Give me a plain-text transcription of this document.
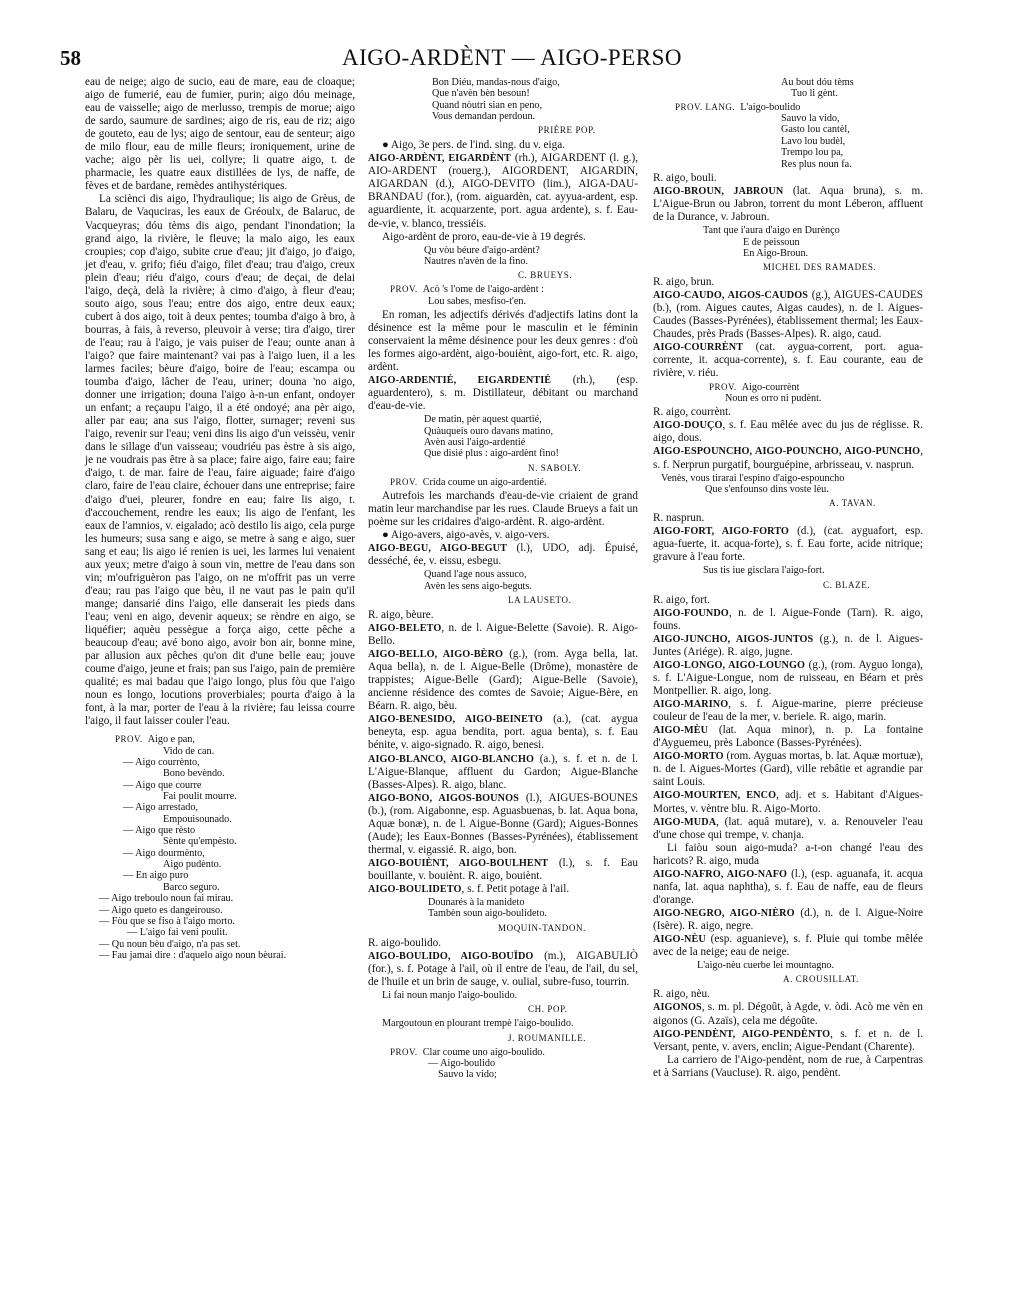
58	AIGO-ARDÈNT — AIGO-PERSO

eau de neige; aigo de sucio, eau de mare, eau de cloaque; aigo de fumerié, eau de fumier, purin; aigo dóu meinage, eau de vaisselle; aigo de merlusso, trempis de morue; aigo de sardo, saumure de sardines; aigo de ris, eau de riz; aigo de gouteto, eau de lys; aigo de sentour, eau de senteur; aigo de milo flour, eau de mille fleurs; ironiquement, urine de vache; aigo pèr lis uei, collyre; li quatre aigo, t. de pharmacie, les quatre eaux distillées de lys, de naffe, de fèves et de bardane, remèdes antihystériques.

La sciènci dis aigo, l'hydraulique; lis aigo de Grèus, de Balaru, de Vaquciras, les eaux de Gréoulx, de Balaruc, de Vacqueyras; dóu tèms dis aigo, pendant l'inondation; la grand aigo, la rivière, le fleuve; la malo aigo, les eaux croupies; cop d'aigo, subite crue d'eau; jit d'aigo, jo d'aigo, jet d'eau, v. grifo; fiéu d'aigo, filet d'eau; trau d'aigo, creux plein d'eau; riéu d'aigo, cours d'eau; de deçai, de delai l'aigo, deçà, delà la rivière; à cimo d'aigo, à fleur d'eau; souto aigo, sous l'eau; entre dos aigo, entre deux eaux; cubert à dos aigo, toit à deux pentes; toumba d'aigo à bro, à bourras, à fais, à reverso, pleuvoir à verse; tira d'aigo, tirer de l'eau; rau à l'aigo, je vais puiser de l'eau; ounte anan à l'aigo? que faire maintenant? vai pas à l'aigo luen, il a les larmes faciles; bèure d'aigo, boire de l'eau; escampa ou toumba d'aigo, lâcher de l'eau, uriner; douna 'no aigo, donner une irrigation; douna l'aigo à-n-un enfant, ondoyer un enfant; a reçaupu l'aigo, il a été ondoyé; ana pèr aigo, aller par eau; ana sus l'aigo, flotter, surnager; reveni sus l'aigo, revenir sur l'eau; veni dins lis aigo d'un veissèu, venir dans le sillage d'un vaisseau; voudriéu pas èstre à sis aigo, je ne voudrais pas être à sa place; faire aigo, faire eau; faire d'aigo, t. de mar. faire de l'eau, faire aiguade; faire d'aigo claro, faire de l'eau claire, échouer dans une entreprise; faire d'aigo d'uei, pleurer, fondre en eau; faire lis aigo, t. d'accouchement, rendre les eaux; lis aigo de l'enfant, les eaux de l'amnios, v. eigalado; acò destilo lis aigo, cela purge les humeurs; susa sang e aigo, se metre à sang e aigo, suer sang et eau; lis aigo ié renien is uei, les larmes lui venaient aux yeux; metre d'aigo à soun vin, mettre de l'eau dans son vin; m'oufriguèron pas l'aigo, on ne m'offrit pas un verre d'eau; rau pas l'aigo que bèu, il ne vaut pas le pain qu'il mange; dansarié dins l'aigo, elle danserait les pieds dans l'eau; veni en aigo, devenir aqueux; se rèndre en aigo, se liquéfier; aquèu pessègue a força aigo, cette pêche a beaucoup d'eau; avé bono aigo, avoir bon air, bonne mine, par allusion aux pêches qu'on dit d'une belle eau; jouve coume d'aigo, jeune et frais; pan sus l'aigo, pain de première qualité; es mai badau que l'aigo longo, plus fòu que l'aigo noun es longo, locutions proverbiales; pourta d'aigo à la font, à la mar, porter de l'eau à la rivière; fau leissa courre l'aigo, il faut laisser couler l'eau.

PROV. Aigo e pan,
Vido de can.
— Aigo courrènto,
Bono bevèndo.
— Aigo que courre
Fai poulit mourre.
— Aigo arrestado,
Empouisounado.
— Aigo que rèsto
Sènte qu'empèsto.
— Aigo dourmènto,
Aigo pudènto.
— En aigo puro
Barco seguro.
— Aigo treboulo noun fai mirau.
— Aigo queto es dangeirouso.
— Fòu que se fiso à l'aigo morto.
— L'aigo fai veni poulit.
— Qu noun bèu d'aigo, n'a pas set.
— Fau jamai dire : d'aquelo aigo noun bèurai.
Bon Diéu, mandas-nous d'aigo,
Que n'avèn bèn besoun!
Quand nòutri sian en peno,
Vous demandan perdoun.
PRIÈRE POP.

● Aigo, 3e pers. de l'ind. sing. du v. eiga.

AIGO-ARDÈNT, EIGARDÈNT (rh.), AIGARDENT (l. g.), AIO-ARDENT (rouerg.), AIGORDENT, AIGARDIN, AIGARDAN (d.), AIGO-DEVITO (lim.), AIGA-DAU-BRANDAU (for.), (rom. aiguardèn, cat. ayyua-ardent, esp. aguardiente, it. acquarzente, port. agua ardente), s. f. Eau-de-vie, v. blanco, tressiéis.

Aigo-ardènt de proro, eau-de-vie à 19 degrés.

Qu vòu béure d'aigo-ardènt?
Nautres n'avèn de la fino.
C. BRUEYS.
PROV. Acò 's l'ome de l'aigo-ardènt :
Lou sabes, mesfiso-t'en.

En roman, les adjectifs dérivés d'adjectifs latins dont la désinence est la même pour le masculin et le féminin conservaient la même désinence pour les deux genres : d'où les formes aigo-ardènt, aigo-bouiènt, aigo-fort, etc. R. aigo, ardènt.

AIGO-ARDENTIÉ, EIGARDENTIÉ (rh.), (esp. aguardentero), s. m. Distillateur, débitant ou marchand d'eau-de-vie.

De matin, pèr aquest quartié,
Quàuqueis ouro davans matino,
Avèn ausi l'aigo-ardentié
Que disié plus : aigo-ardènt fino!
N. SABOLY.
PROV. Crida coume un aigo-ardentié.

Autrefois les marchands d'eau-de-vie criaient de grand matin leur marchandise par les rues. Claude Brueys a fait un poème sur les cridaires d'aigo-ardènt. R. aigo-ardènt.

● Aigo-avers, aigo-avès, v. aigo-vers.

AIGO-BEGU, AIGO-BEGUT (l.), UDO, adj. Épuisé, desséché, ée, v. eissu, esbegu.

Quand l'age nous assuco,
Avèn les sens aigo-beguts.
LA LAUSETO.

R. aigo, bèure.

AIGO-BELETO, n. de l. Aigue-Belette (Savoie). R. Aigo-Bello.

AIGO-BELLO, AIGO-BÈRO (g.), (rom. Ayga bella, lat. Aqua bella), n. de l. Aigue-Belle (Drôme), monastère de trappistes; Aigue-Belle (Gard); Aigue-Belle (Savoie), ancienne résidence des comtes de Savoie; Aigue-Bère, en Béarn. R. aigo, bèu.

AIGO-BENESIDO, AIGO-BEINETO (a.), (cat. aygua beneyta, esp. agua bendita, port. agua benta), s. f. Eau bénite, v. aigo-signado. R. aigo, benesi.

AIGO-BLANCO, AIGO-BLANCHO (a.), s. f. et n. de l. L'Aigue-Blanque, affluent du Gardon; Aigue-Blanche (Basses-Alpes). R. aigo, blanc.

AIGO-BONO, AIGOS-BOUNOS (l.), AIGUES-BOUNES (b.), (rom. Aigabonne, esp. Aguasbuenas, b. lat. Aqua bona, Aquæ bonæ), n. de l. Aigue-Bonne (Gard); Aigues-Bonnes (Aude); les Eaux-Bonnes (Basses-Pyrénées), établissement thermal, v. eigassié. R. aigo, bon.

AIGO-BOUIÈNT, AIGO-BOULHENT (l.), s. f. Eau bouillante, v. bouiènt. R. aigo, bouiènt.

AIGO-BOULIDETO, s. f. Petit potage à l'ail.

Dounarés à la manideto
Tambèn soun aigo-boulideto.
MOQUIN-TANDON.

R. aigo-boulido.

AIGO-BOULIDO, AIGO-BOUÏDO (m.), AIGABULIÒ (for.), s. f. Potage à l'ail, où il entre de l'eau, de l'ail, du sel, de l'huile et un brin de sauge, v. oulial, subre-fuso, tourrin.

Li fai noun manjo l'aigo-boulido.
CH. POP.
Margoutoun en plourant trempè l'aigo-boulido.
J. ROUMANILLE.
PROV. Clar coume uno aigo-boulido.
— Aigo-boulido
Sauvo la vido;
Au bout dóu tèms
Tuo li gènt.
PROV. LANG. L'aigo-boulido
Sauvo la vido,
Gasto lou cantèl,
Lavo lou budèl,
Trempo lou pa,
Res plus noun fa.

R. aigo, bouli.

AIGO-BROUN, JABROUN (lat. Aqua bruna), s. m. L'Aigue-Brun ou Jabron, torrent du mont Léberon, affluent de la Durance, v. Jabroun.

Tant que i'aura d'aigo en Durènço
E de peissoun
En Aigo-Broun.
MICHEL DES RAMADES.

R. aigo, brun.

AIGO-CAUDO, AIGOS-CAUDOS (g.), AIGUES-CAUDES (b.), (rom. Aigues cautes, Aigas caudes), n. de l. Aigues-Caudes (Basses-Pyrénées), établissement thermal; les Eaux-Chaudes, près Prads (Basses-Alpes). R. aigo, caud.

AIGO-COURRÈNT (cat. aygua-corrent, port. agua-corrente, it. acqua-corrente), s. f. Eau courante, eau de rivière, v. riéu.

PROV. Aigo-courrènt
Noun es orro ni pudènt.

R. aigo, courrènt.

AIGO-DOUÇO, s. f. Eau mêlée avec du jus de réglisse. R. aigo, dous.

AIGO-ESPOUNCHO, AIGO-POUNCHO, AIGO-PUNCHO, s. f. Nerprun purgatif, bourguépine, arbrisseau, v. nasprun.

Venès, vous tirarai l'espino d'aigo-espouncho
Que s'enfounso dins voste lèu.
A. TAVAN.

R. nasprun.

AIGO-FORT, AIGO-FORTO (d.), (cat. ayguafort, esp. agua-fuerte, it. acqua-forte), s. f. Eau forte, acide nitrique; gravure à l'eau forte.

Sus tis iue gisclara l'aigo-fort.
C. BLAZE.

R. aigo, fort.

AIGO-FOUNDO, n. de l. Aigue-Fonde (Tarn). R. aigo, founs.

AIGO-JUNCHO, AIGOS-JUNTOS (g.), n. de l. Aigues-Juntes (Ariége). R. aigo, jugne.

AIGO-LONGO, AIGO-LOUNGO (g.), (rom. Ayguo longa), s. f. L'Aigue-Longue, nom de ruisseau, en Béarn et près Montpellier. R. aigo, long.

AIGO-MARINO, s. f. Aigue-marine, pierre précieuse couleur de l'eau de la mer, v. beriele. R. aigo, marin.

AIGO-MÈU (lat. Aqua minor), n. p. La fontaine d'Ayguemeu, près Labonce (Basses-Pyrénées).

AIGO-MORTO (rom. Ayguas mortas, b. lat. Aquæ mortuæ), n. de l. Aigues-Mortes (Gard), ville rebâtie et agrandie par saint Louis.

AIGO-MOURTEN, ENCO, adj. et s. Habitant d'Aigues-Mortes, v. vèntre blu. R. Aigo-Morto.

AIGO-MUDA, (lat. aquâ mutare), v. a. Renouveler l'eau d'une chose qui trempe, v. chanja.

Li faiòu soun aigo-muda? a-t-on changé l'eau des haricots? R. aigo, muda

AIGO-NAFRO, AIGO-NAFO (l.), (esp. aguanafa, it. acqua nanfa, lat. aqua naphtha), s. f. Eau de naffe, eau de fleurs d'orange.

AIGO-NEGRO, AIGO-NIÈRO (d.), n. de l. Aigue-Noire (Isère). R. aigo, negre.

AIGO-NÈU (esp. aguanieve), s. f. Pluie qui tombe mêlée avec de la neige; eau de neige.

L'aigo-nèu cuerbe lei mountagno.
A. CROUSILLAT.

R. aigo, nèu.

AIGONOS, s. m. pl. Dégoût, à Agde, v. òdi. Acò me vèn en aigonos (G. Azaïs), cela me dégoûte.

AIGO-PENDÈNT, AIGO-PENDÈNTO, s. f. et n. de l. Versant, pente, v. avers, enclin; Aigue-Pendant (Charente).

La carriero de l'Aigo-pendènt, nom de rue, à Carpentras et à Sarrians (Vaucluse). R. aigo, pendènt.
